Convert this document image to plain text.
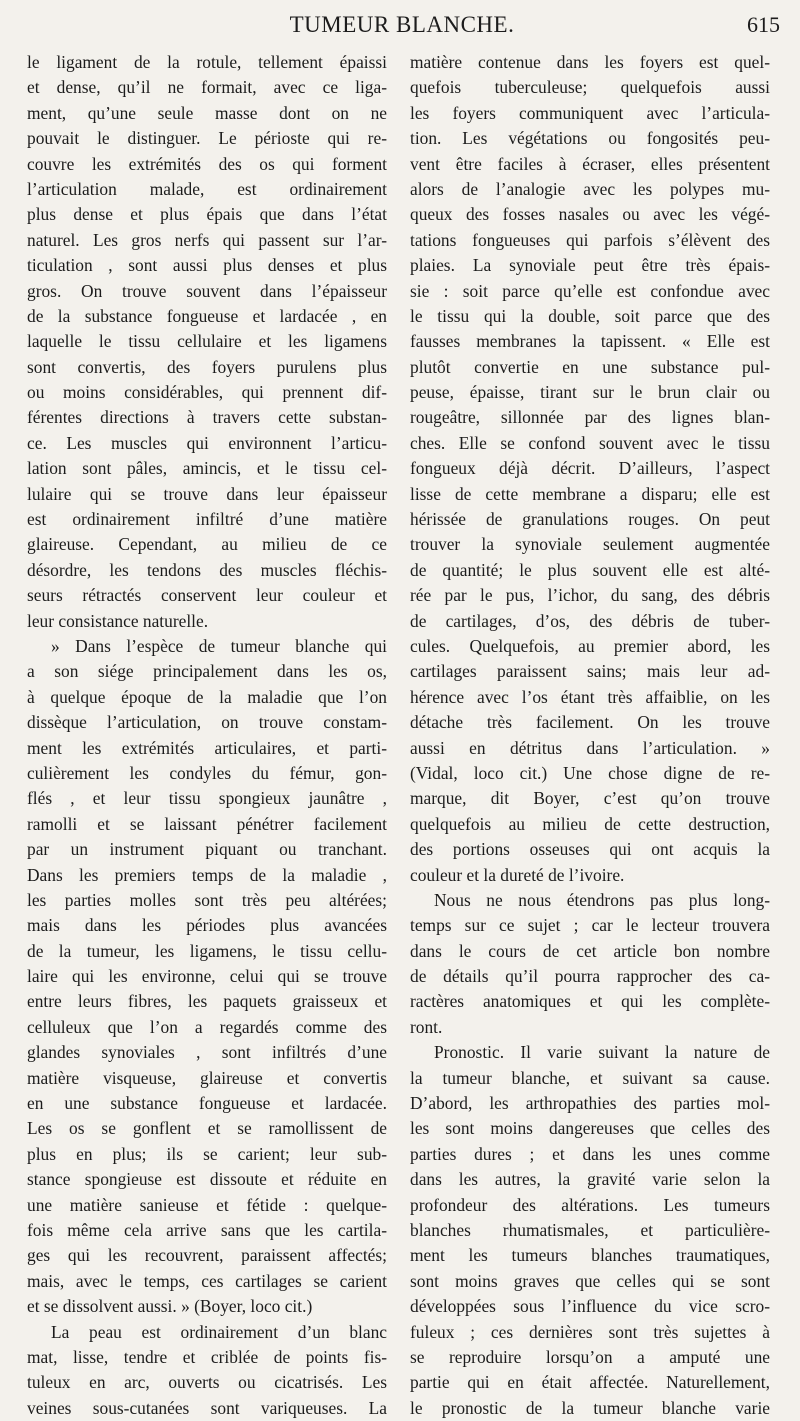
TUMEUR BLANCHE.	615
le ligament de la rotule, tellement épaissi
et dense, qu’il ne formait, avec ce liga-
ment, qu’une seule masse dont on ne
pouvait le distinguer. Le périoste qui re-
couvre les extrémités des os qui forment
l’articulation malade, est ordinairement
plus dense et plus épais que dans l’état
naturel. Les gros nerfs qui passent sur l’ar-
ticulation , sont aussi plus denses et plus
gros. On trouve souvent dans l’épaisseur
de la substance fongueuse et lardacée , en
laquelle le tissu cellulaire et les ligamens
sont convertis, des foyers purulens plus
ou moins considérables, qui prennent dif-
férentes directions à travers cette substan-
ce. Les muscles qui environnent l’articu-
lation sont pâles, amincis, et le tissu cel-
lulaire qui se trouve dans leur épaisseur
est ordinairement infiltré d’une matière
glaireuse. Cependant, au milieu de ce
désordre, les tendons des muscles fléchis-
seurs rétractés conservent leur couleur et
leur consistance naturelle.
» Dans l’espèce de tumeur blanche qui
a son siége principalement dans les os,
à quelque époque de la maladie que l’on
dissèque l’articulation, on trouve constam-
ment les extrémités articulaires, et parti-
culièrement les condyles du fémur, gon-
flés , et leur tissu spongieux jaunâtre ,
ramolli et se laissant pénétrer facilement
par un instrument piquant ou tranchant.
Dans les premiers temps de la maladie ,
les parties molles sont très peu altérées;
mais dans les périodes plus avancées
de la tumeur, les ligamens, le tissu cellu-
laire qui les environne, celui qui se trouve
entre leurs fibres, les paquets graisseux et
celluleux que l’on a regardés comme des
glandes synoviales , sont infiltrés d’une
matière visqueuse, glaireuse et convertis
en une substance fongueuse et lardacée.
Les os se gonflent et se ramollissent de
plus en plus; ils se carient; leur sub-
stance spongieuse est dissoute et réduite en
une matière sanieuse et fétide : quelque-
fois même cela arrive sans que les cartila-
ges qui les recouvrent, paraissent affectés;
mais, avec le temps, ces cartilages se carient
et se dissolvent aussi. » (Boyer, loco cit.)
La peau est ordinairement d’un blanc
mat, lisse, tendre et criblée de points fis-
tuleux en arc, ouverts ou cicatrisés. Les
veines sous-cutanées sont variqueuses. La
matière contenue dans les foyers est quel-
quefois tuberculeuse; quelquefois aussi
les foyers communiquent avec l’articula-
tion. Les végétations ou fongosités peu-
vent être faciles à écraser, elles présentent
alors de l’analogie avec les polypes mu-
queux des fosses nasales ou avec les végé-
tations fongueuses qui parfois s’élèvent des
plaies. La synoviale peut être très épais-
sie : soit parce qu’elle est confondue avec
le tissu qui la double, soit parce que des
fausses membranes la tapissent. « Elle est
plutôt convertie en une substance pul-
peuse, épaisse, tirant sur le brun clair ou
rougeâtre, sillonnée par des lignes blan-
ches. Elle se confond souvent avec le tissu
fongueux déjà décrit. D’ailleurs, l’aspect
lisse de cette membrane a disparu; elle est
hérissée de granulations rouges. On peut
trouver la synoviale seulement augmentée
de quantité; le plus souvent elle est alté-
rée par le pus, l’ichor, du sang, des débris
de cartilages, d’os, des débris de tuber-
cules. Quelquefois, au premier abord, les
cartilages paraissent sains; mais leur ad-
hérence avec l’os étant très affaiblie, on les
détache très facilement. On les trouve
aussi en détritus dans l’articulation. »
(Vidal, loco cit.) Une chose digne de re-
marque, dit Boyer, c’est qu’on trouve
quelquefois au milieu de cette destruction,
des portions osseuses qui ont acquis la
couleur et la dureté de l’ivoire.
Nous ne nous étendrons pas plus long-
temps sur ce sujet ; car le lecteur trouvera
dans le cours de cet article bon nombre
de détails qu’il pourra rapprocher des ca-
ractères anatomiques et qui les complète-
ront.
Pronostic. Il varie suivant la nature de
la tumeur blanche, et suivant sa cause.
D’abord, les arthropathies des parties mol-
les sont moins dangereuses que celles des
parties dures ; et dans les unes comme
dans les autres, la gravité varie selon la
profondeur des altérations. Les tumeurs
blanches rhumatismales, et particulière-
ment les tumeurs blanches traumatiques,
sont moins graves que celles qui se sont
développées sous l’influence du vice scro-
fuleux ; ces dernières sont très sujettes à
se reproduire lorsqu’on a amputé une
partie qui en était affectée. Naturellement,
le pronostic de la tumeur blanche varie
